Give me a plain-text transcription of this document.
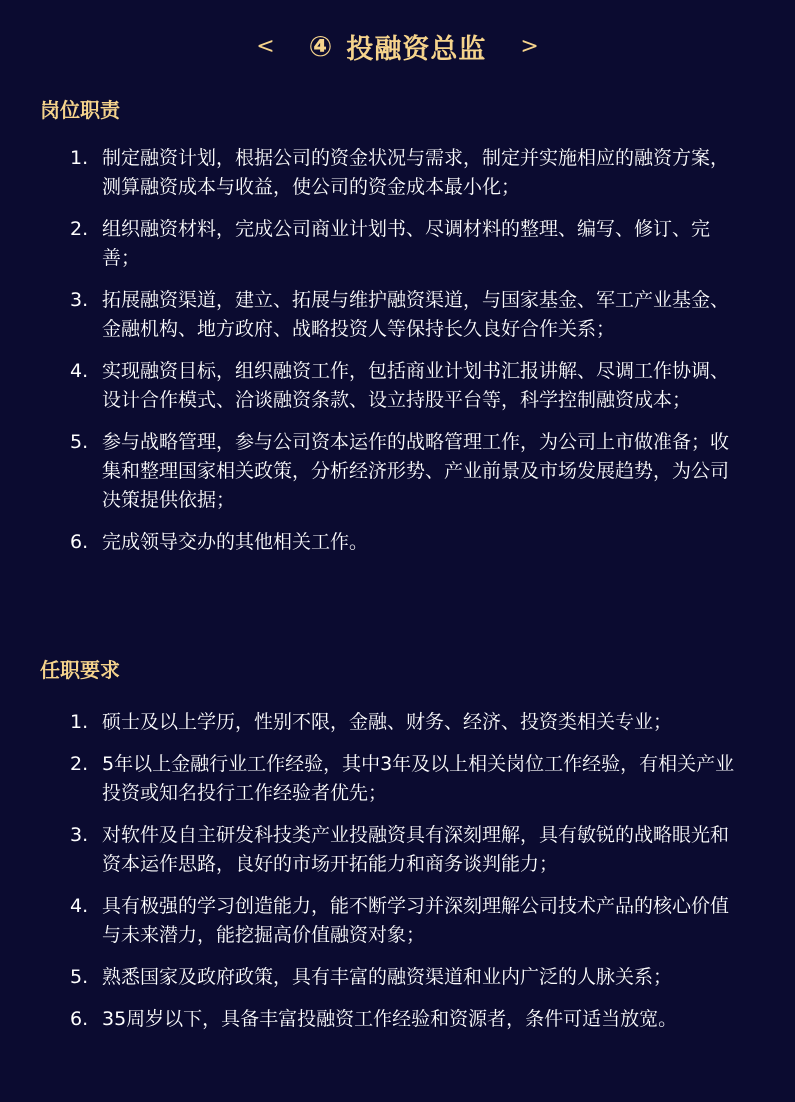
< ④ 投融资总监 >
岗位职责
1. 制定融资计划，根据公司的资金状况与需求，制定并实施相应的融资方案，测算融资成本与收益，使公司的资金成本最小化；
2. 组织融资材料，完成公司商业计划书、尽调材料的整理、编写、修订、完善；
3. 拓展融资渠道，建立、拓展与维护融资渠道，与国家基金、军工产业基金、金融机构、地方政府、战略投资人等保持长久良好合作关系；
4. 实现融资目标，组织融资工作，包括商业计划书汇报讲解、尽调工作协调、设计合作模式、洽谈融资条款、设立持股平台等，科学控制融资成本；
5. 参与战略管理，参与公司资本运作的战略管理工作，为公司上市做准备；收集和整理国家相关政策，分析经济形势、产业前景及市场发展趋势，为公司决策提供依据；
6. 完成领导交办的其他相关工作。
任职要求
1. 硕士及以上学历，性别不限，金融、财务、经济、投资类相关专业；
2. 5年以上金融行业工作经验，其中3年及以上相关岗位工作经验，有相关产业投资或知名投行工作经验者优先；
3. 对软件及自主研发科技类产业投融资具有深刻理解，具有敏锐的战略眼光和资本运作思路，良好的市场开拓能力和商务谈判能力；
4. 具有极强的学习创造能力，能不断学习并深刻理解公司技术产品的核心价值与未来潜力，能挖掘高价值融资对象；
5. 熟悉国家及政府政策，具有丰富的融资渠道和业内广泛的人脉关系；
6. 35周岁以下，具备丰富投融资工作经验和资源者，条件可适当放宽。
